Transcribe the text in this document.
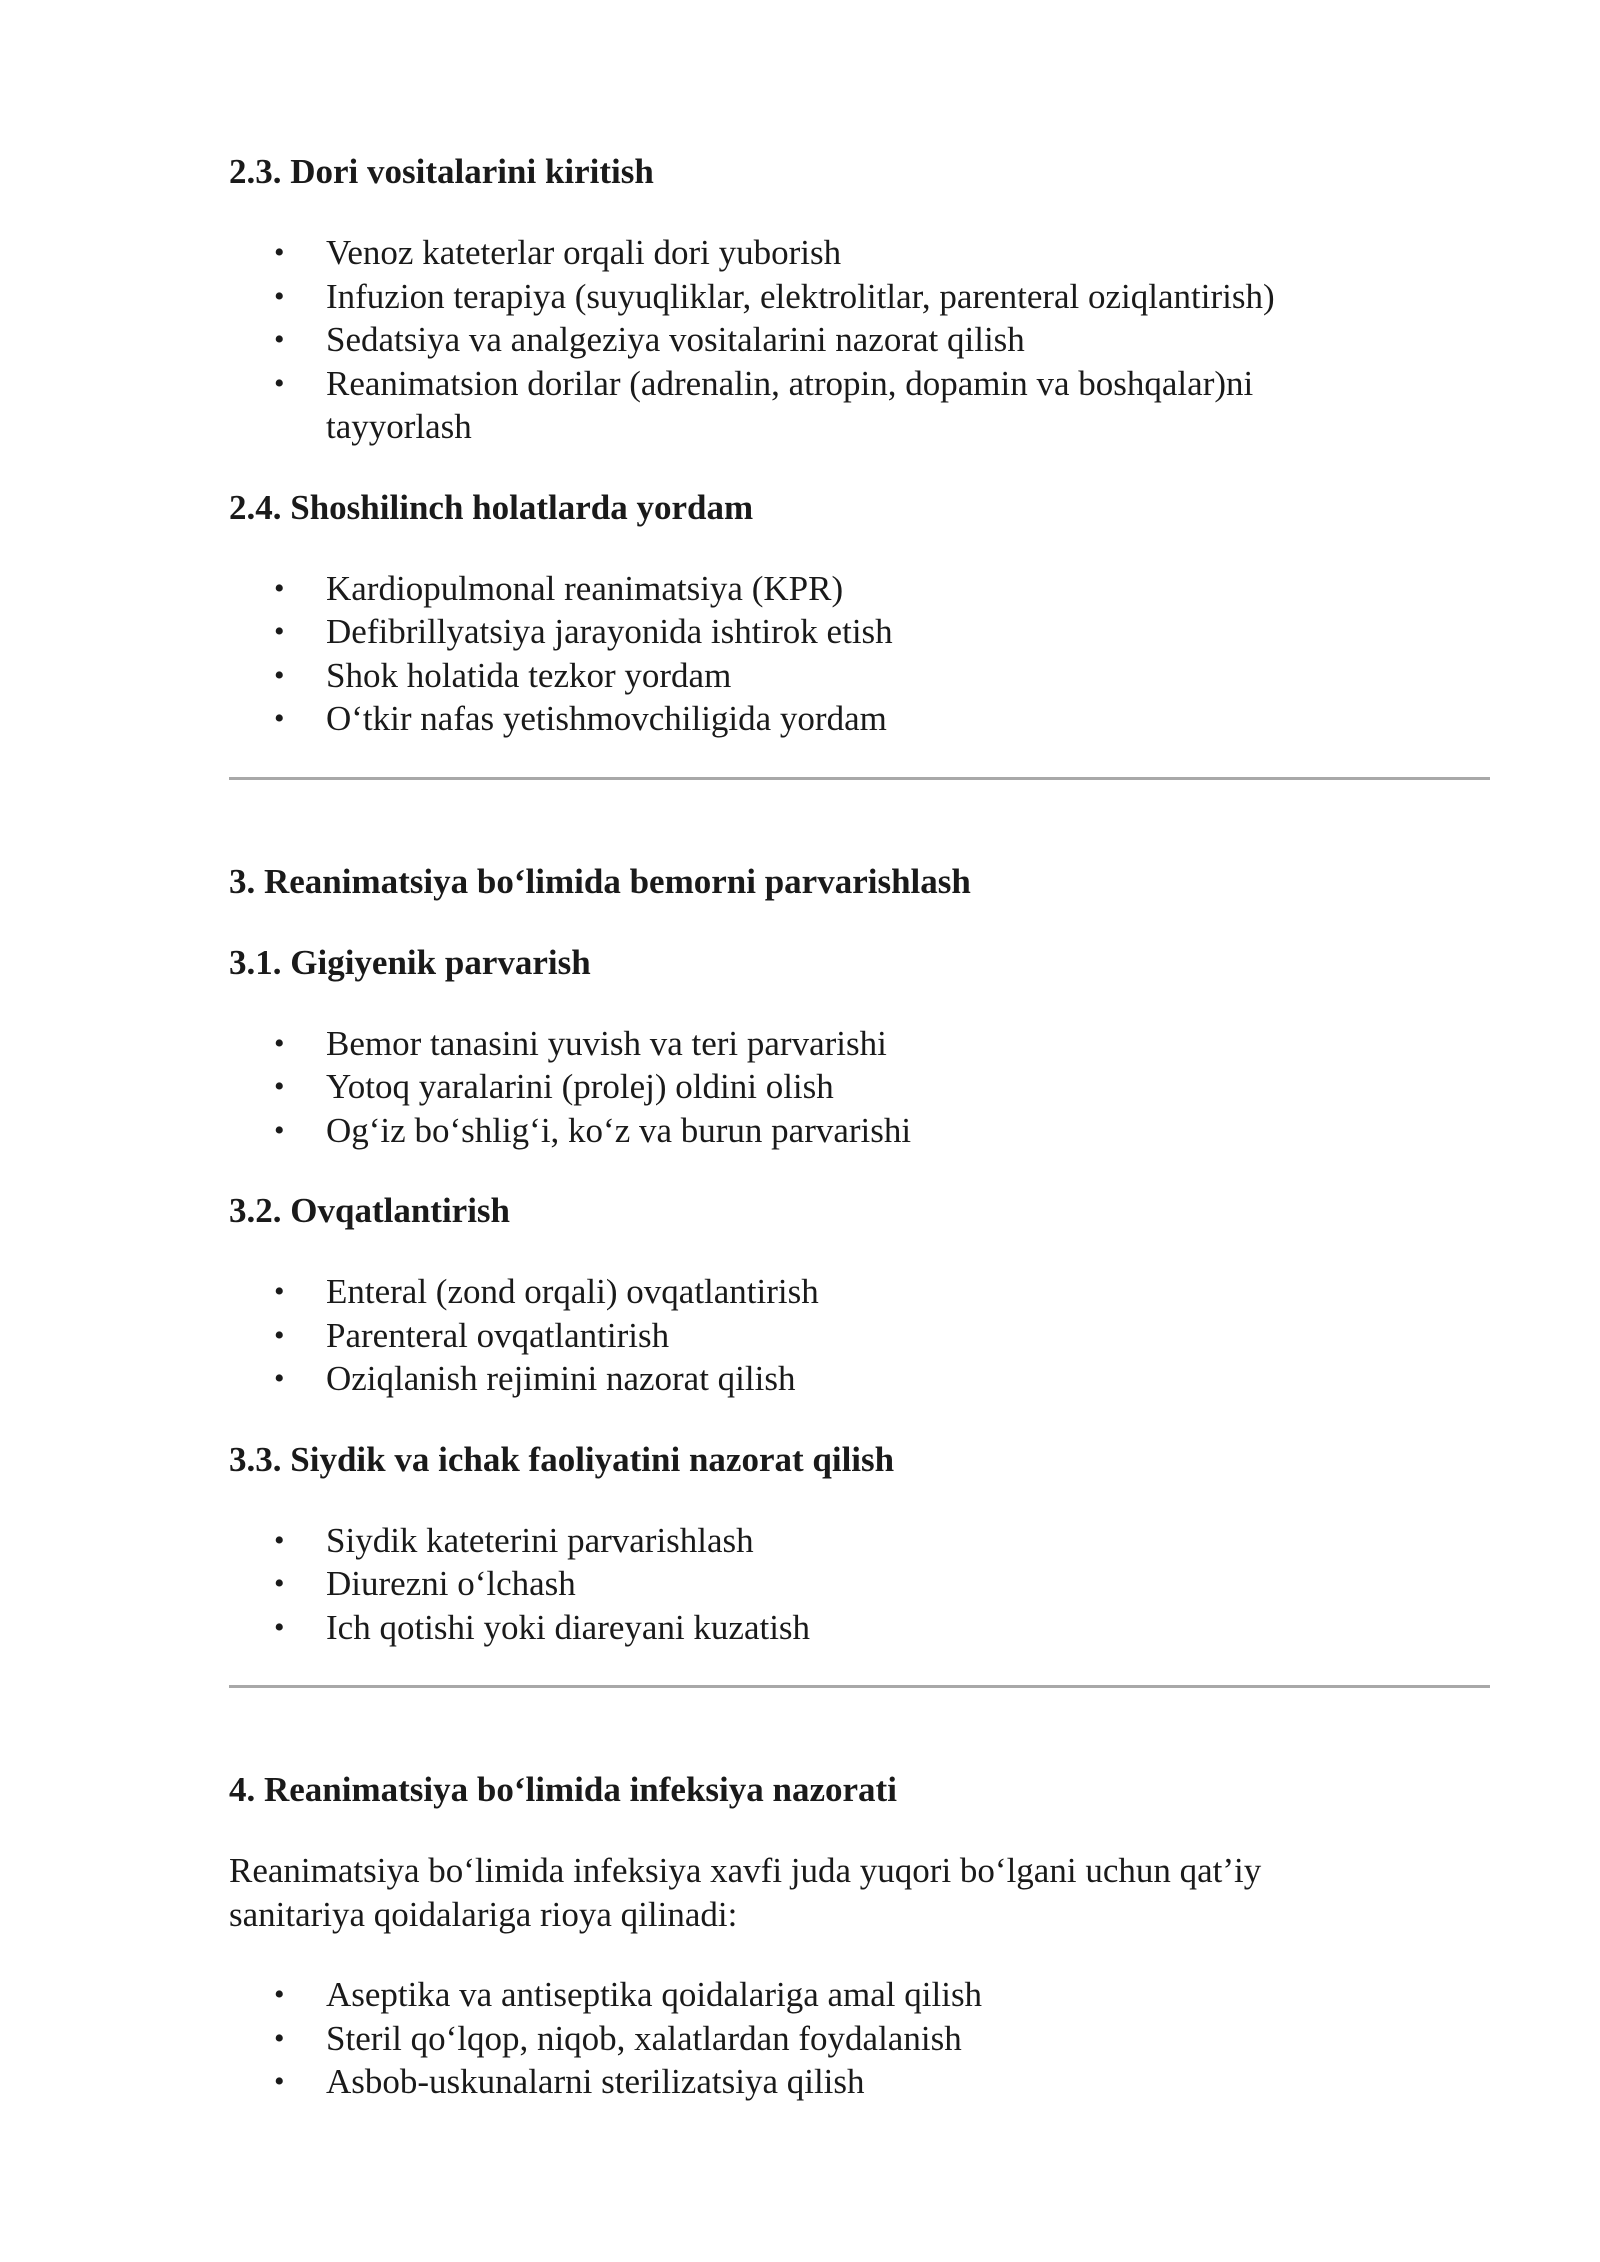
2.3. Dori vositalarini kiritish
• Venoz kateterlar orqali dori yuborish
• Infuzion terapiya (suyuqliklar, elektrolitlar, parenteral oziqlantirish)
• Sedatsiya va analgeziya vositalarini nazorat qilish
• Reanimatsion dorilar (adrenalin, atropin, dopamin va boshqalar)ni tayyorlash
2.4. Shoshilinch holatlarda yordam
• Kardiopulmonal reanimatsiya (KPR)
• Defibrillyatsiya jarayonida ishtirok etish
• Shok holatida tezkor yordam
• O‘tkir nafas yetishmovchiligida yordam
3. Reanimatsiya bo‘limida bemorni parvarishlash
3.1. Gigiyenik parvarish
• Bemor tanasini yuvish va teri parvarishi
• Yotoq yaralarini (prolej) oldini olish
• Og‘iz bo‘shlig‘i, ko‘z va burun parvarishi
3.2. Ovqatlantirish
• Enteral (zond orqali) ovqatlantirish
• Parenteral ovqatlantirish
• Oziqlanish rejimini nazorat qilish
3.3. Siydik va ichak faoliyatini nazorat qilish
• Siydik kateterini parvarishlash
• Diurezni o‘lchash
• Ich qotishi yoki diareyani kuzatish
4. Reanimatsiya bo‘limida infeksiya nazorati

Reanimatsiya bo‘limida infeksiya xavfi juda yuqori bo‘lgani uchun qat’iy sanitariya qoidalariga rioya qilinadi:

• Aseptika va antiseptika qoidalariga amal qilish
• Steril qo‘lqop, niqob, xalatlardan foydalanish
• Asbob-uskunalarni sterilizatsiya qilish
